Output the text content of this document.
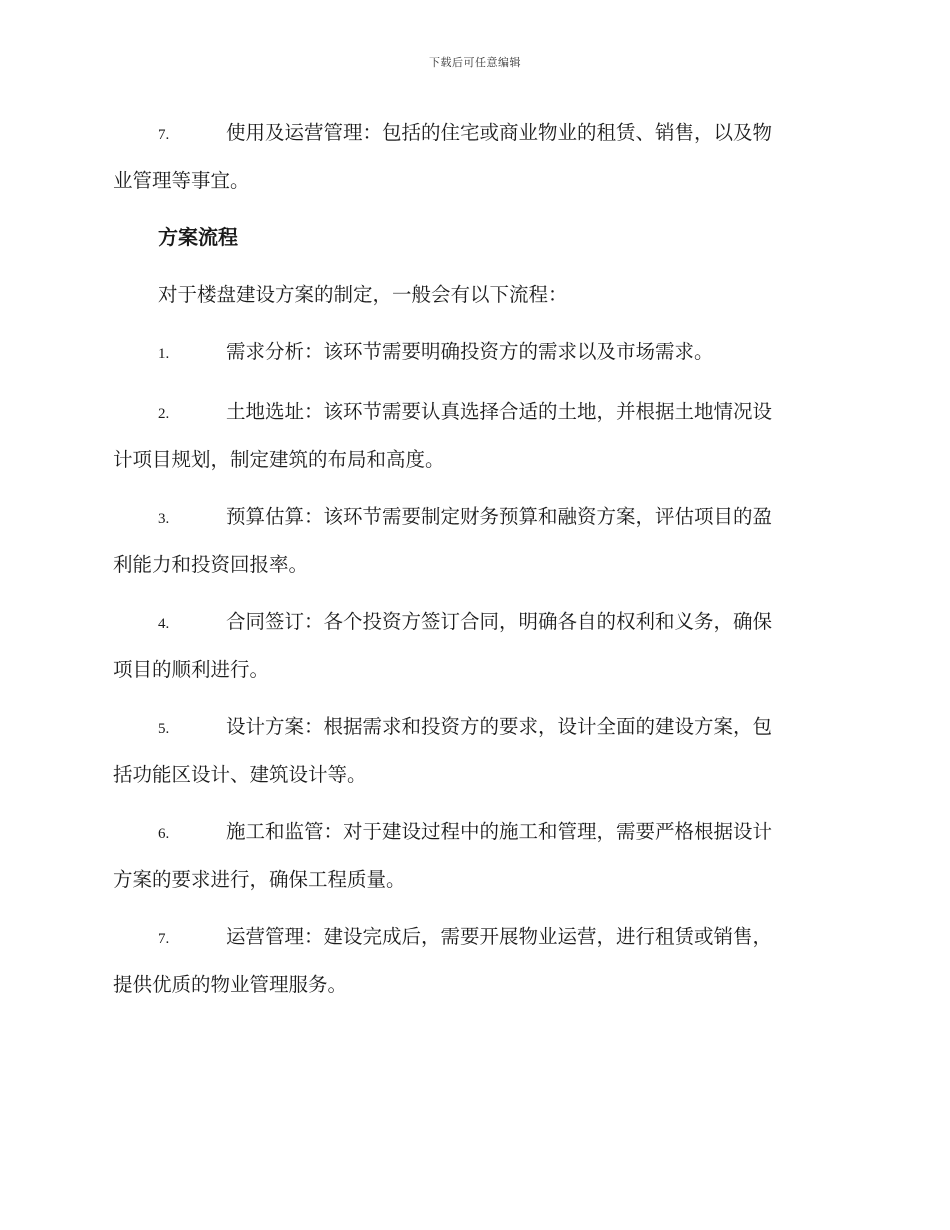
下载后可任意编辑
7.	使用及运营管理：包括的住宅或商业物业的租赁、销售，以及物
业管理等事宜。
方案流程
对于楼盘建设方案的制定，一般会有以下流程：
1.	需求分析：该环节需要明确投资方的需求以及市场需求。
2.	土地选址：该环节需要认真选择合适的土地，并根据土地情况设
计项目规划，制定建筑的布局和高度。
3.	预算估算：该环节需要制定财务预算和融资方案，评估项目的盈
利能力和投资回报率。
4.	合同签订：各个投资方签订合同，明确各自的权利和义务，确保
项目的顺利进行。
5.	设计方案：根据需求和投资方的要求，设计全面的建设方案，包
括功能区设计、建筑设计等。
6.	施工和监管：对于建设过程中的施工和管理，需要严格根据设计
方案的要求进行，确保工程质量。
7.	运营管理：建设完成后，需要开展物业运营，进行租赁或销售，
提供优质的物业管理服务。
